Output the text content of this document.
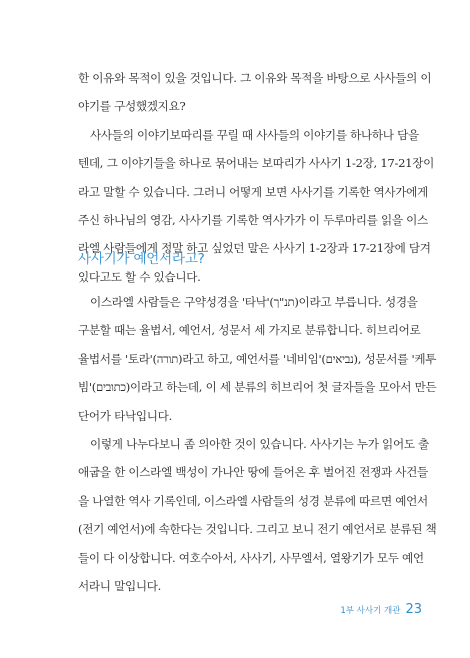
한 이유와 목적이 있을 것입니다. 그 이유와 목적을 바탕으로 사사들의 이
야기를 구성했겠지요?
사사들의 이야기보따리를 꾸릴 때 사사들의 이야기를 하나하나 담을
텐데, 그 이야기들을 하나로 묶어내는 보따리가 사사기 1-2장, 17-21장이
라고 말할 수 있습니다. 그러니 어떻게 보면 사사기를 기록한 역사가에게
주신 하나님의 영감, 사사기를 기록한 역사가가 이 두루마리를 읽을 이스
라엘 사람들에게 정말 하고 싶었던 말은 사사기 1-2장과 17-21장에 담겨
있다고도 할 수 있습니다.
사사기가 예언서라고?
이스라엘 사람들은 구약성경을 '타낙'(תנ"ך)이라고 부릅니다. 성경을
구분할 때는 율법서, 예언서, 성문서 세 가지로 분류합니다. 히브리어로
율법서를 '토라'(תורה)라고 하고, 예언서를 '네비임'(נביאים), 성문서를 '케투
빔'(כתובים)이라고 하는데, 이 세 분류의 히브리어 첫 글자들을 모아서 만든
단어가 타낙입니다.
이렇게 나누다보니 좀 의아한 것이 있습니다. 사사기는 누가 읽어도 출
애굽을 한 이스라엘 백성이 가나안 땅에 들어온 후 벌어진 전쟁과 사건들
을 나열한 역사 기록인데, 이스라엘 사람들의 성경 분류에 따르면 예언서
(전기 예언서)에 속한다는 것입니다. 그리고 보니 전기 예언서로 분류된 책
들이 다 이상합니다. 여호수아서, 사사기, 사무엘서, 열왕기가 모두 예언
서라니 말입니다.
1부 사사기 개관 23
